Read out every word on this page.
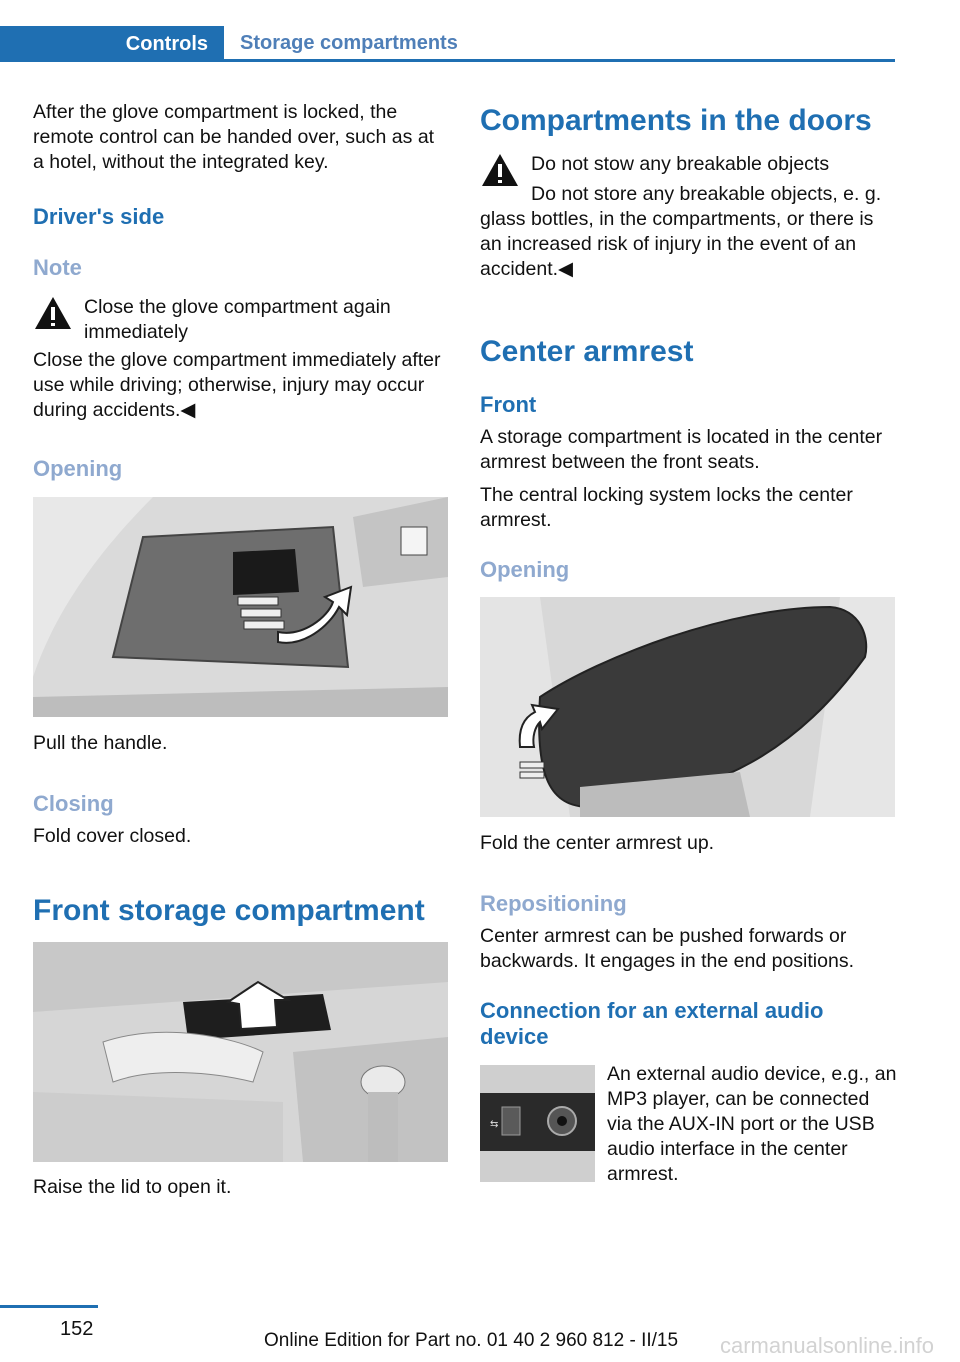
Controls Storage compartments

After the glove compartment is locked, the remote control can be handed over, such as at a hotel, without the integrated key.

Driver's side
Note

Close the glove compartment again immediately

Close the glove compartment immediately after use while driving; otherwise, injury may occur during accidents.◀

Opening

Pull the handle.

Closing

Fold cover closed.

Front storage compartment

Raise the lid to open it.

Compartments in the doors

Do not stow any breakable objects

Do not store any breakable objects, e. g. glass bottles, in the compartments, or there is an increased risk of injury in the event of an accident.◀

Center armrest
Front

A storage compartment is located in the center armrest between the front seats.

The central locking system locks the center armrest.

Opening

Fold the center armrest up.

Repositioning

Center armrest can be pushed forwards or backwards. It engages in the end positions.

Connection for an external audio device
⇆

An external audio device, e.g., an MP3 player, can be connected via the AUX-IN port or the USB audio interface in the center armrest.

152
Online Edition for Part no. 01 40 2 960 812 - II/15 carmanualsonline.info
